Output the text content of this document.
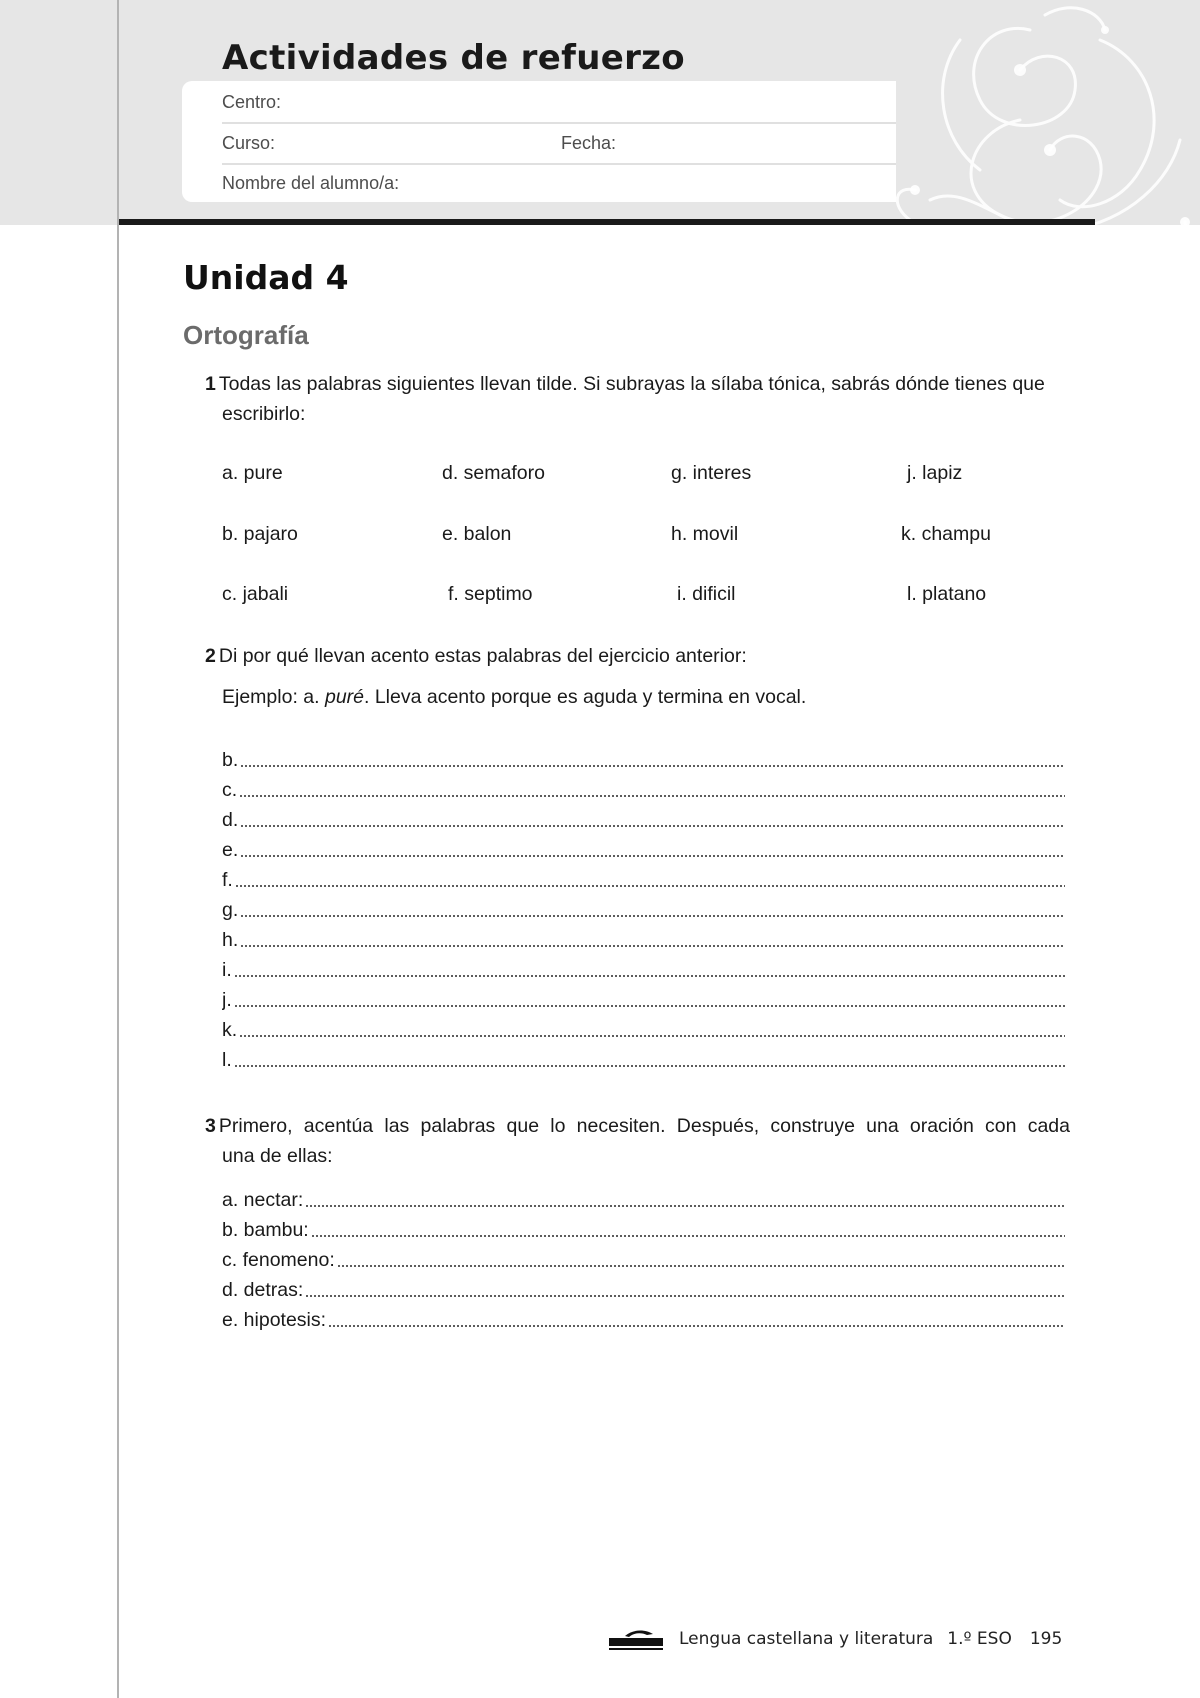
Actividades de refuerzo
Centro:
Curso:	Fecha:
Nombre del alumno/a:
Unidad 4
Ortografía
1 Todas las palabras siguientes llevan tilde. Si subrayas la sílaba tónica, sabrás dónde tienes que
escribirlo:
a. pure	d. semaforo	g. interes	j. lapiz
b. pajaro	e. balon	h. movil	k. champu
c. jabali	f. septimo	i. dificil	l. platano
2 Di por qué llevan acento estas palabras del ejercicio anterior:
Ejemplo: a. puré. Lleva acento porque es aguda y termina en vocal.
b.
c.
d.
e.
f.
g.
h.
i.
j.
k.
l.
3 Primero, acentúa las palabras que lo necesiten. Después, construye una oración con cada
una de ellas:
a. nectar:
b. bambu:
c. fenomeno:
d. detras:
e. hipotesis:
Lengua castellana y literatura 1.º ESO 195
